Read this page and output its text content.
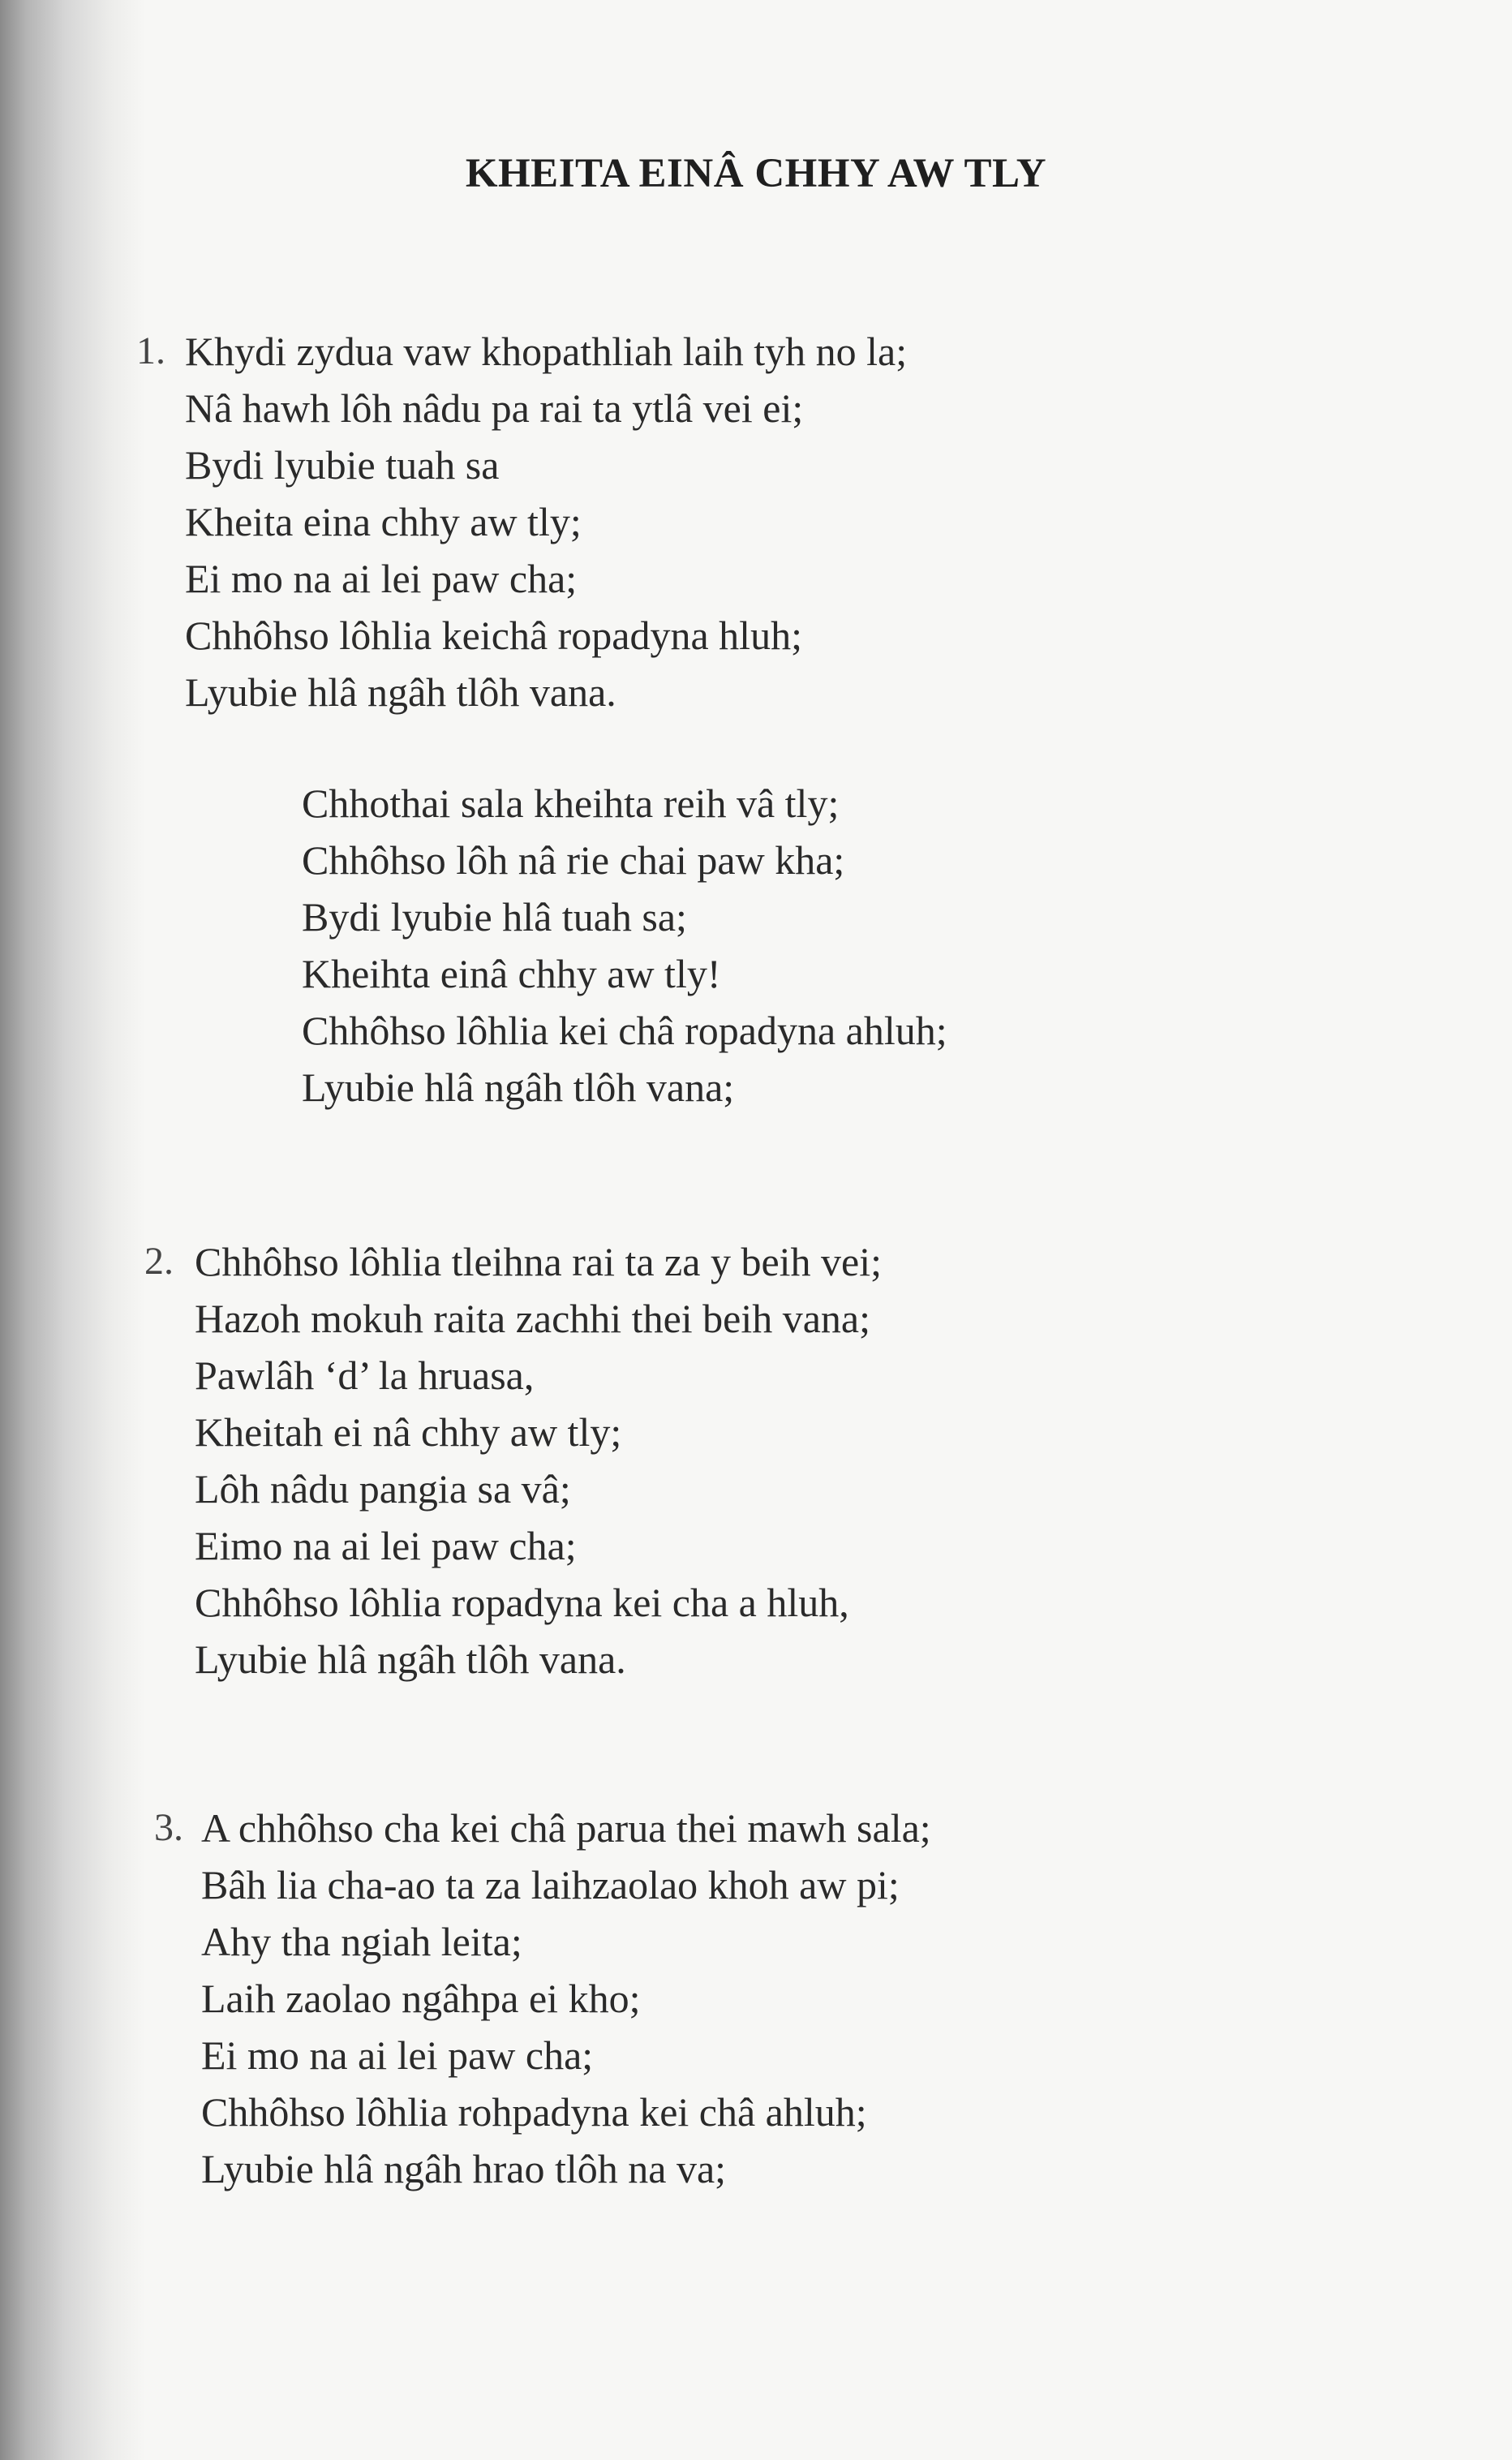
KHEITA EINÂ CHHY AW TLY
1. Khydi zydua vaw khopathliah laih tyh no la;
Nâ hawh lôh nâdu pa rai ta ytlâ vei ei;
Bydi lyubie tuah sa
Kheita eina chhy aw tly;
Ei mo na ai lei paw cha;
Chhôhso lôhlia keichâ ropadyna hluh;
Lyubie hlâ ngâh tlôh vana.
Chhothai sala kheihta reih vâ tly;
Chhôhso lôh nâ rie chai paw kha;
Bydi lyubie hlâ tuah sa;
Kheihta einâ chhy aw tly!
Chhôhso lôhlia kei châ ropadyna ahluh;
Lyubie hlâ ngâh tlôh vana;
2. Chhôhso lôhlia tleihna rai ta za y beih vei;
Hazoh mokuh raita zachhi thei beih vana;
Pawlâh ‘d’ la hruasa,
Kheitah ei nâ chhy aw tly;
Lôh nâdu pangia sa vâ;
Eimo na ai lei paw cha;
Chhôhso lôhlia ropadyna kei cha a hluh,
Lyubie hlâ ngâh tlôh vana.
3. A chhôhso cha kei châ parua thei mawh sala;
Bâh lia cha-ao ta za laihzaolao khoh aw pi;
Ahy tha ngiah leita;
Laih zaolao ngâhpa ei kho;
Ei mo na ai lei paw cha;
Chhôhso lôhlia rohpadyna kei châ ahluh;
Lyubie hlâ ngâh hrao tlôh na va;
